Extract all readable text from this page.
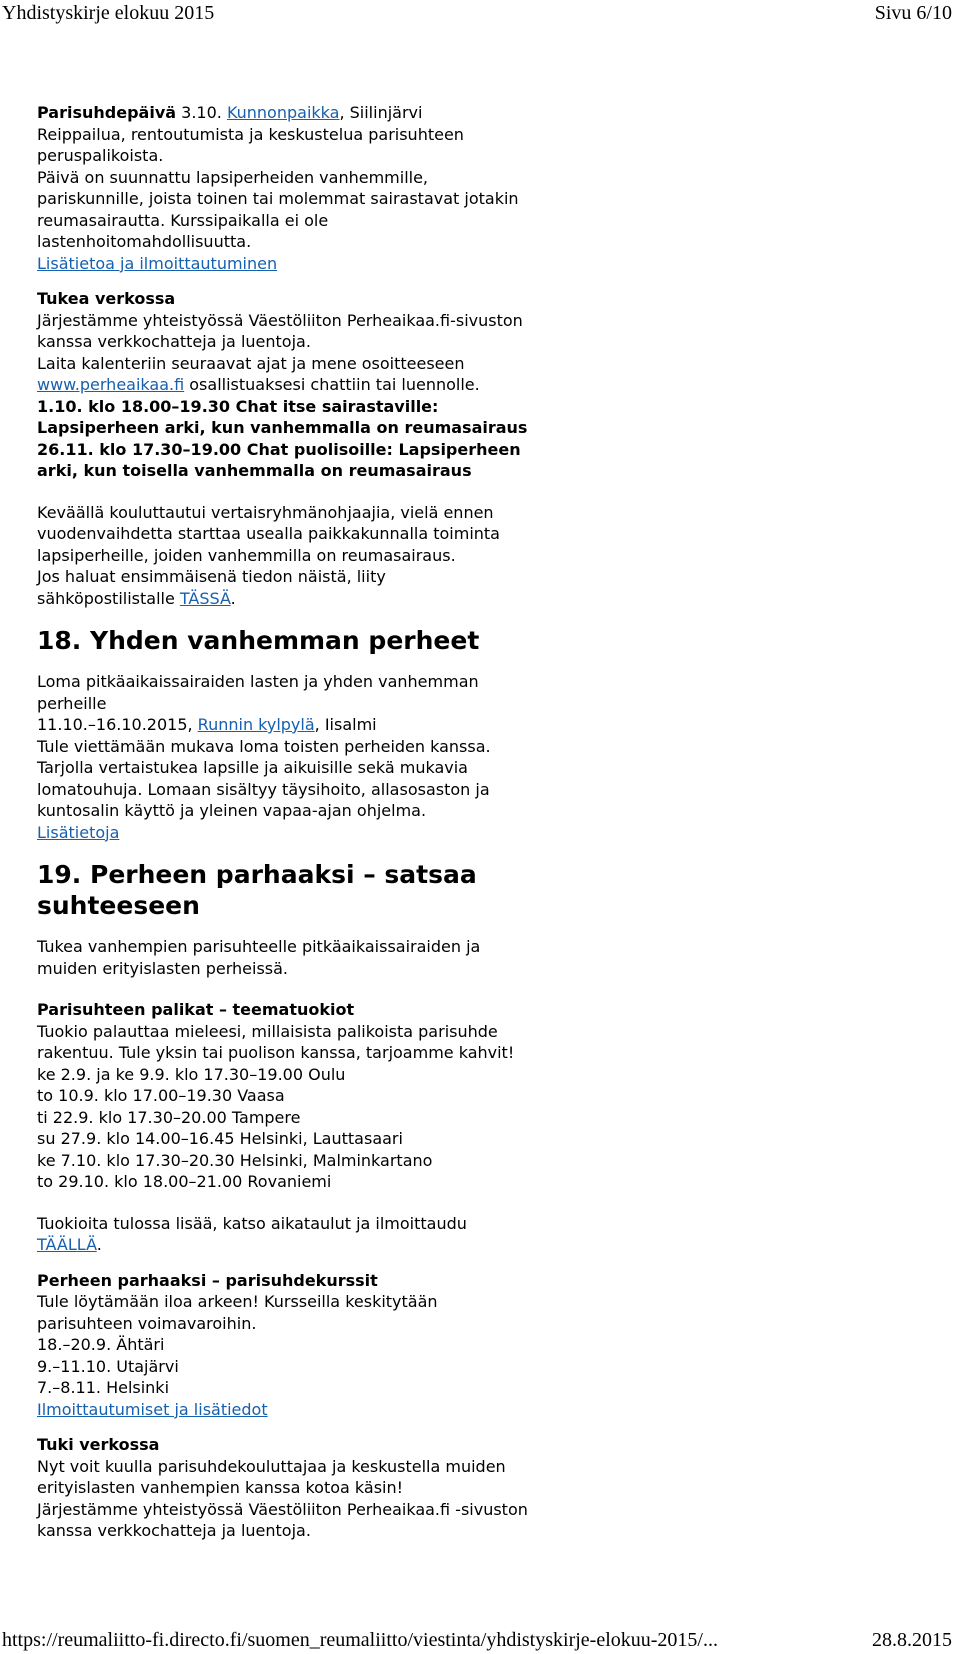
Yhdistyskirje elokuu 2015	Sivu 6/10

Parisuhdepäivä 3.10. Kunnonpaikka, Siilinjärvi

Reippailua, rentoutumista ja keskustelua parisuhteen

peruspalikoista.

Päivä on suunnattu lapsiperheiden vanhemmille,

pariskunnille, joista toinen tai molemmat sairastavat jotakin

reumasairautta. Kurssipaikalla ei ole

lastenhoitomahdollisuutta.

Lisätietoa ja ilmoittautuminen

Tukea verkossa

Järjestämme yhteistyössä Väestöliiton Perheaikaa.fi-sivuston

kanssa verkkochatteja ja luentoja.

Laita kalenteriin seuraavat ajat ja mene osoitteeseen

www.perheaikaa.fi osallistuaksesi chattiin tai luennolle.

1.10. klo 18.00–19.30 Chat itse sairastaville:

Lapsiperheen arki, kun vanhemmalla on reumasairaus

26.11. klo 17.30–19.00 Chat puolisoille: Lapsiperheen

arki, kun toisella vanhemmalla on reumasairaus

Keväällä kouluttautui vertaisryhmänohjaajia, vielä ennen

vuodenvaihdetta starttaa usealla paikkakunnalla toiminta

lapsiperheille, joiden vanhemmilla on reumasairaus.

Jos haluat ensimmäisenä tiedon näistä, liity

sähköpostilistalle TÄSSÄ.

18. Yhden vanhemman perheet

Loma pitkäaikaissairaiden lasten ja yhden vanhemman

perheille

11.10.–16.10.2015, Runnin kylpylä, Iisalmi

Tule viettämään mukava loma toisten perheiden kanssa.

Tarjolla vertaistukea lapsille ja aikuisille sekä mukavia

lomatouhuja. Lomaan sisältyy täysihoito, allasosaston ja

kuntosalin käyttö ja yleinen vapaa-ajan ohjelma.

Lisätietoja

19. Perheen parhaaksi – satsaa
suhteeseen

Tukea vanhempien parisuhteelle pitkäaikaissairaiden ja

muiden erityislasten perheissä.

Parisuhteen palikat – teematuokiot

Tuokio palauttaa mieleesi, millaisista palikoista parisuhde

rakentuu. Tule yksin tai puolison kanssa, tarjoamme kahvit!

ke 2.9. ja ke 9.9. klo 17.30–19.00 Oulu

to 10.9. klo 17.00–19.30 Vaasa

ti 22.9. klo 17.30–20.00 Tampere

su 27.9. klo 14.00–16.45 Helsinki, Lauttasaari

ke 7.10. klo 17.30–20.30 Helsinki, Malminkartano

to 29.10. klo 18.00–21.00 Rovaniemi

Tuokioita tulossa lisää, katso aikataulut ja ilmoittaudu

TÄÄLLÄ.

Perheen parhaaksi – parisuhdekurssit

Tule löytämään iloa arkeen! Kursseilla keskitytään

parisuhteen voimavaroihin.

18.–20.9. Ähtäri

9.–11.10. Utajärvi

7.–8.11. Helsinki

Ilmoittautumiset ja lisätiedot

Tuki verkossa

Nyt voit kuulla parisuhdekouluttajaa ja keskustella muiden

erityislasten vanhempien kanssa kotoa käsin!

Järjestämme yhteistyössä Väestöliiton Perheaikaa.fi -sivuston

kanssa verkkochatteja ja luentoja.

https://reumaliitto-fi.directo.fi/suomen_reumaliitto/viestinta/yhdistyskirje-elokuu-2015/...	28.8.2015
